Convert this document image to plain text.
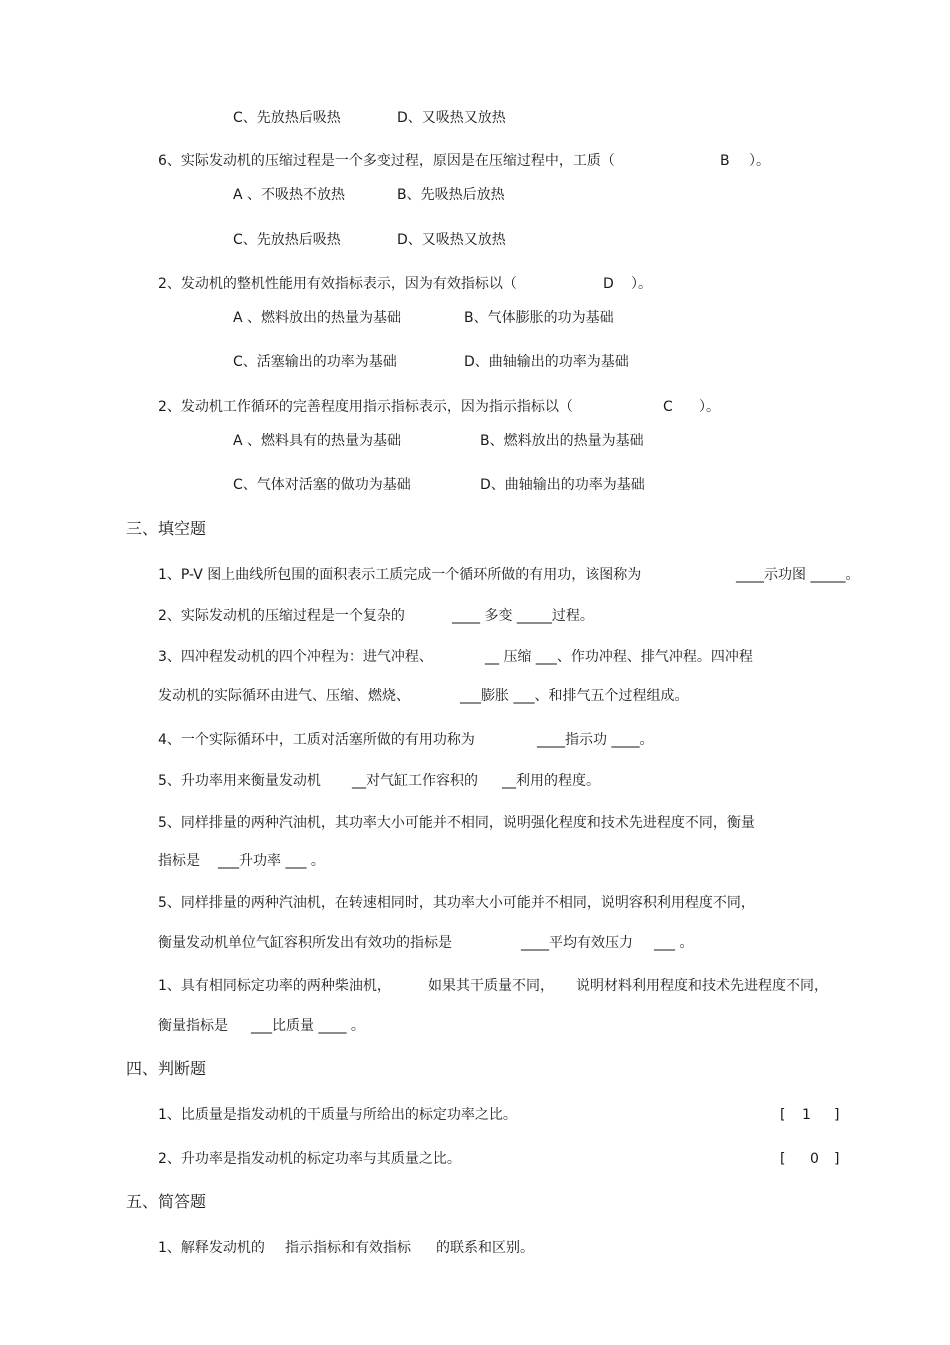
C、先放热后吸热	D、又吸热又放热
6、实际发动机的压缩过程是一个多变过程，原因是在压缩过程中，工质（	B ）。
A 、不吸热不放热	B、先吸热后放热
C、先放热后吸热	D、又吸热又放热
2、发动机的整机性能用有效指标表示，因为有效指标以（	D ）。
A 、燃料放出的热量为基础	B、气体膨胀的功为基础
C、活塞输出的功率为基础	D、曲轴输出的功率为基础
2、发动机工作循环的完善程度用指示指标表示，因为指示指标以（	C ）。
A 、燃料具有的热量为基础	B、燃料放出的热量为基础
C、气体对活塞的做功为基础	D、曲轴输出的功率为基础
三、填空题
1、P-V 图上曲线所包围的面积表示工质完成一个循环所做的有用功，该图称为	____示功图 _____。
2、实际发动机的压缩过程是一个复杂的	____ 多变 _____过程。
3、四冲程发动机的四个冲程为：进气冲程、	__ 压缩 ___、作功冲程、排气冲程。四冲程
发动机的实际循环由进气、压缩、燃烧、	___膨胀 ___、和排气五个过程组成。
4、一个实际循环中，工质对活塞所做的有用功称为	____指示功 ____。
5、升功率用来衡量发动机 __对气缸工作容积的 __利用的程度。
5、同样排量的两种汽油机，其功率大小可能并不相同，说明强化程度和技术先进程度不同，衡量
指标是 ___升功率 ___ 。
5、同样排量的两种汽油机，在转速相同时，其功率大小可能并不相同，说明容积利用程度不同，
衡量发动机单位气缸容积所发出有效功的指标是	____平均有效压力 ___ 。
1、具有相同标定功率的两种柴油机，	如果其干质量不同， 说明材料利用程度和技术先进程度不同，
衡量指标是 ___比质量 ____ 。
四、判断题
1、比质量是指发动机的干质量与所给出的标定功率之比。	[ 1 ]
2、升功率是指发动机的标定功率与其质量之比。	[ 0 ]
五、简答题
1、解释发动机的 指示指标和有效指标 的联系和区别。
